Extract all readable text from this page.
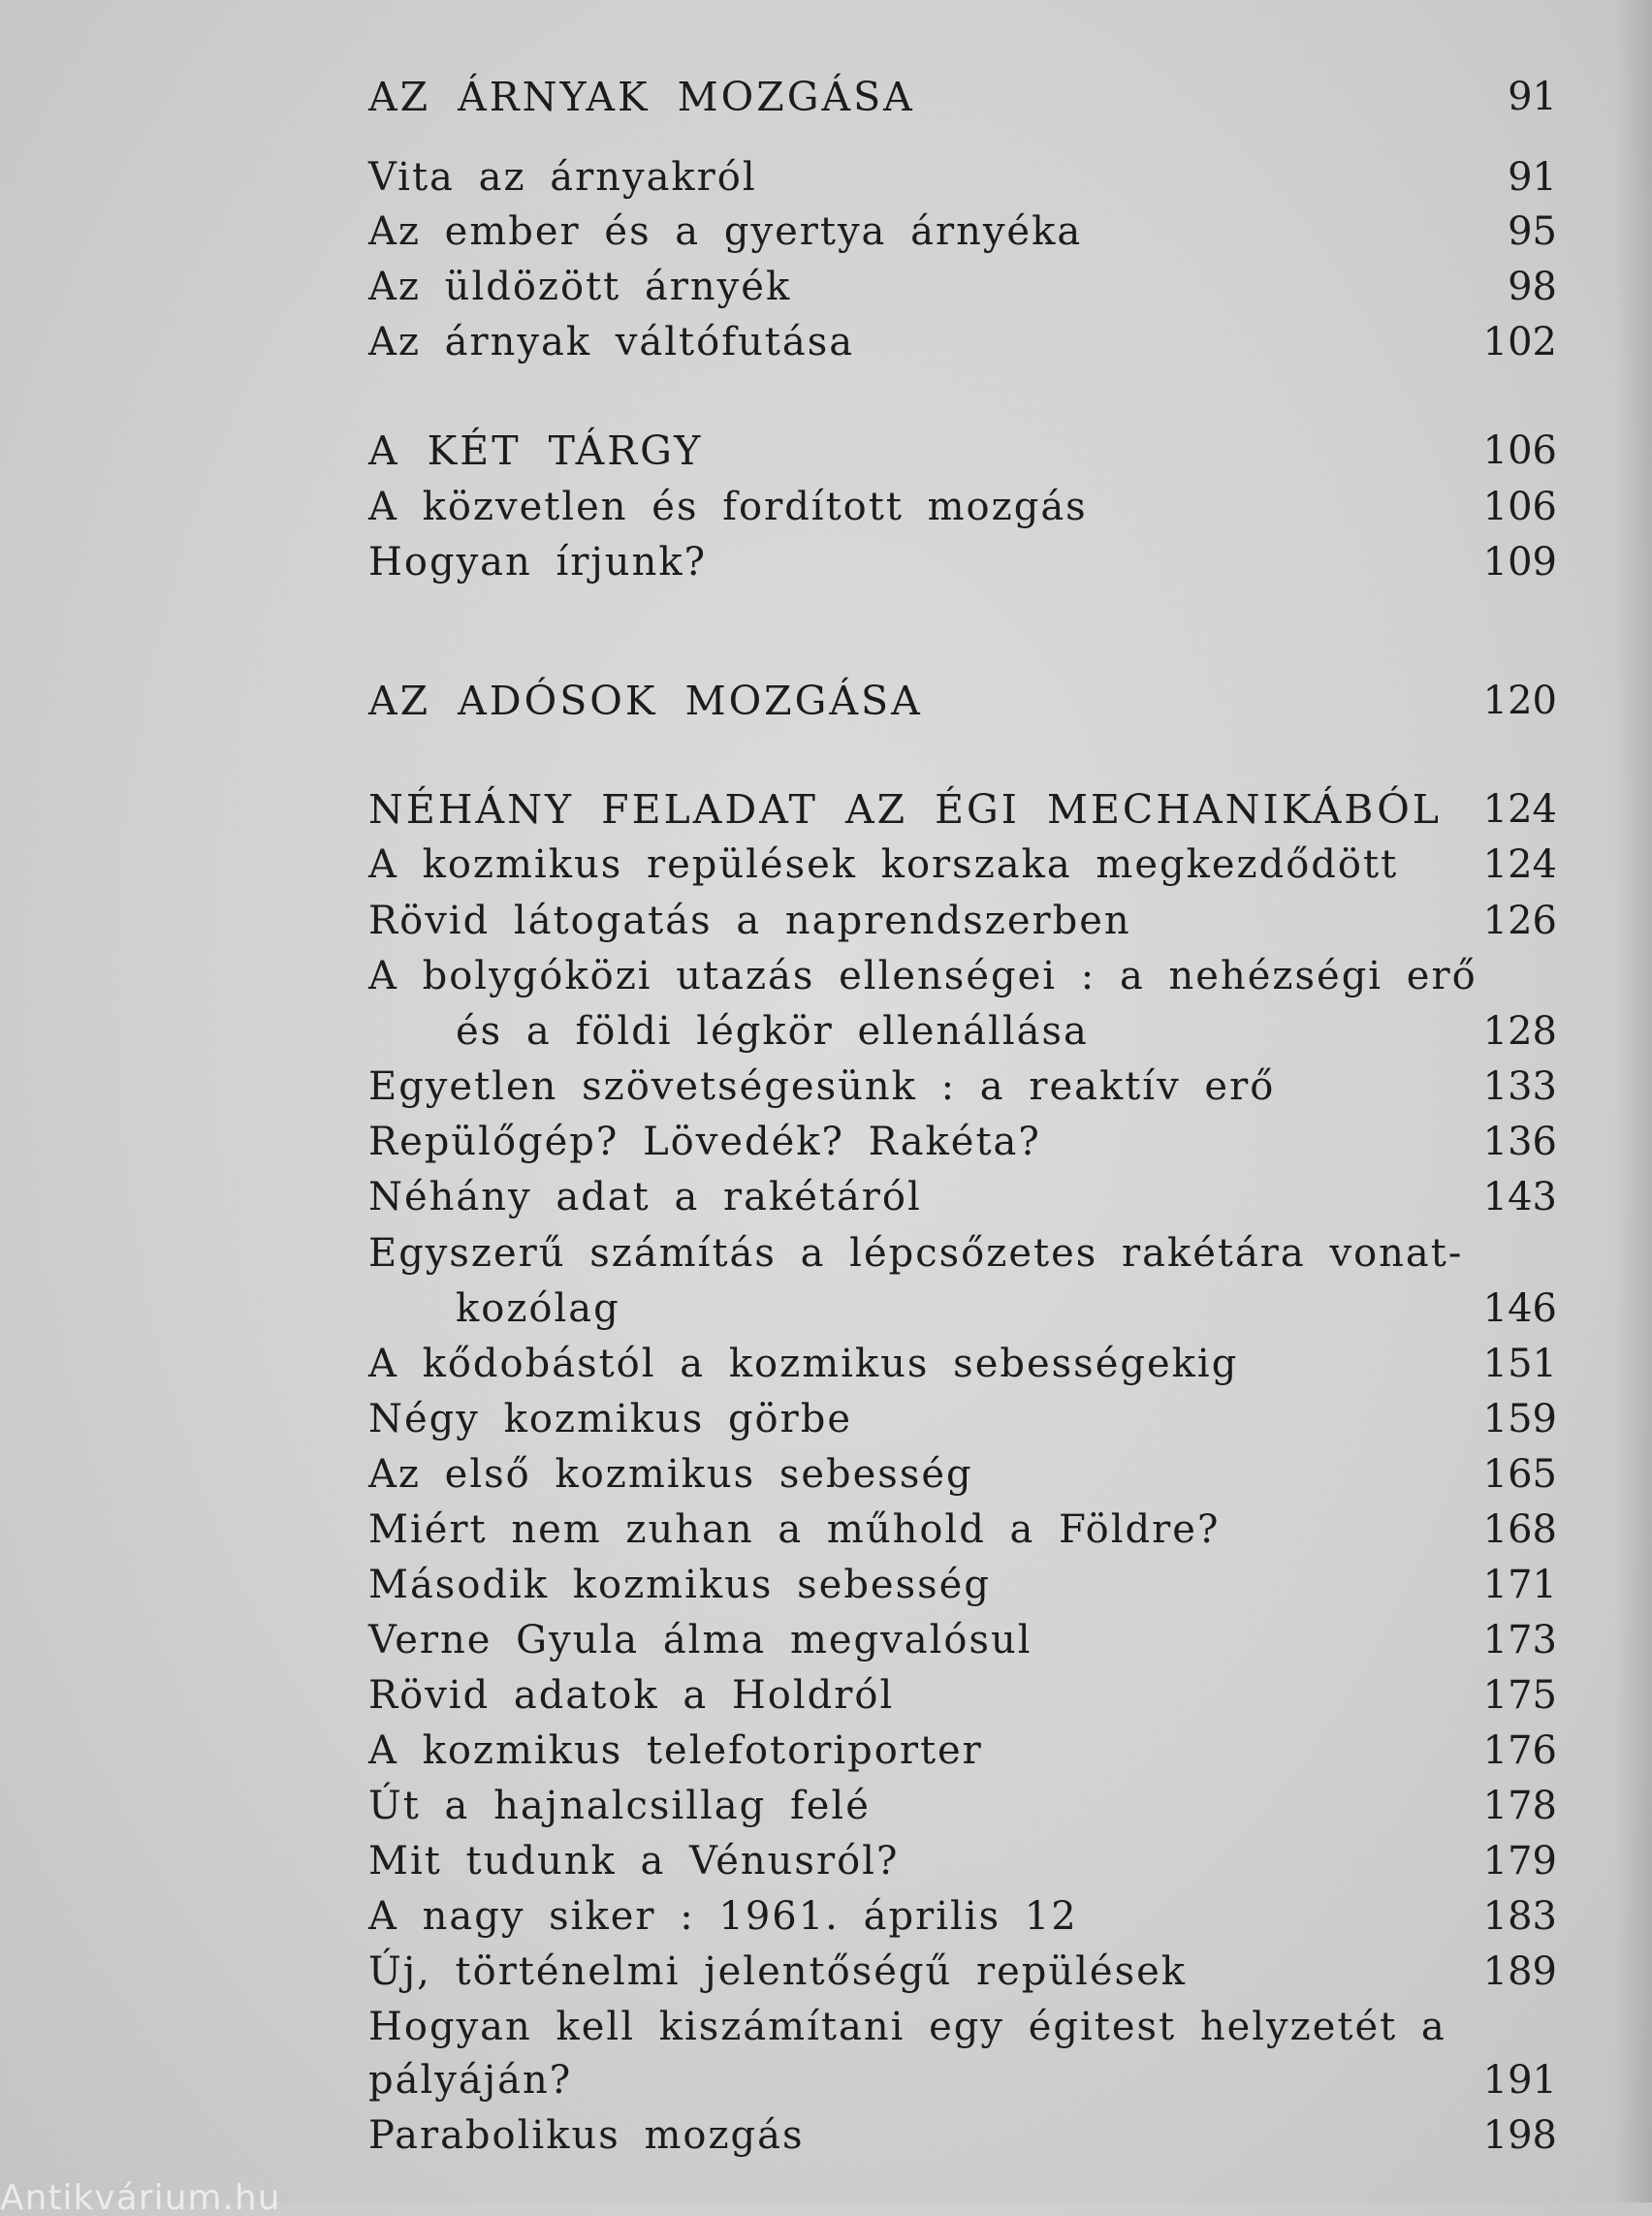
AZ ÁRNYAK MOZGÁSA	91
Vita az árnyakról	91
Az ember és a gyertya árnyéka	95
Az üldözött árnyék	98
Az árnyak váltófutása	102
A KÉT TÁRGY	106
A közvetlen és fordított mozgás	106
Hogyan írjunk?	109
AZ ADÓSOK MOZGÁSA	120
NÉHÁNY FELADAT AZ ÉGI MECHANIKÁBÓL 124
A kozmikus repülések korszaka megkezdődött 124
Rövid látogatás a naprendszerben	126
A bolygóközi utazás ellenségei : a nehézségi erő
és a földi légkör ellenállása	128
Egyetlen szövetségesünk : a reaktív erő	133
Repülőgép? Lövedék? Rakéta?	136
Néhány adat a rakétáról	143
Egyszerű számítás a lépcsőzetes rakétára vonat-
kozólag	146
A kődobástól a kozmikus sebességekig	151
Négy kozmikus görbe	159
Az első kozmikus sebesség	165
Miért nem zuhan a műhold a Földre?	168
Második kozmikus sebesség	171
Verne Gyula álma megvalósul	173
Rövid adatok a Holdról	175
A kozmikus telefotoriporter	176
Út a hajnalcsillag felé	178
Mit tudunk a Vénusról?	179
A nagy siker : 1961. április 12	183
Új, történelmi jelentőségű repülések	189
Hogyan kell kiszámítani egy égitest helyzetét a
pályáján?	191
Parabolikus mozgás	198
Antikvárium.hu
